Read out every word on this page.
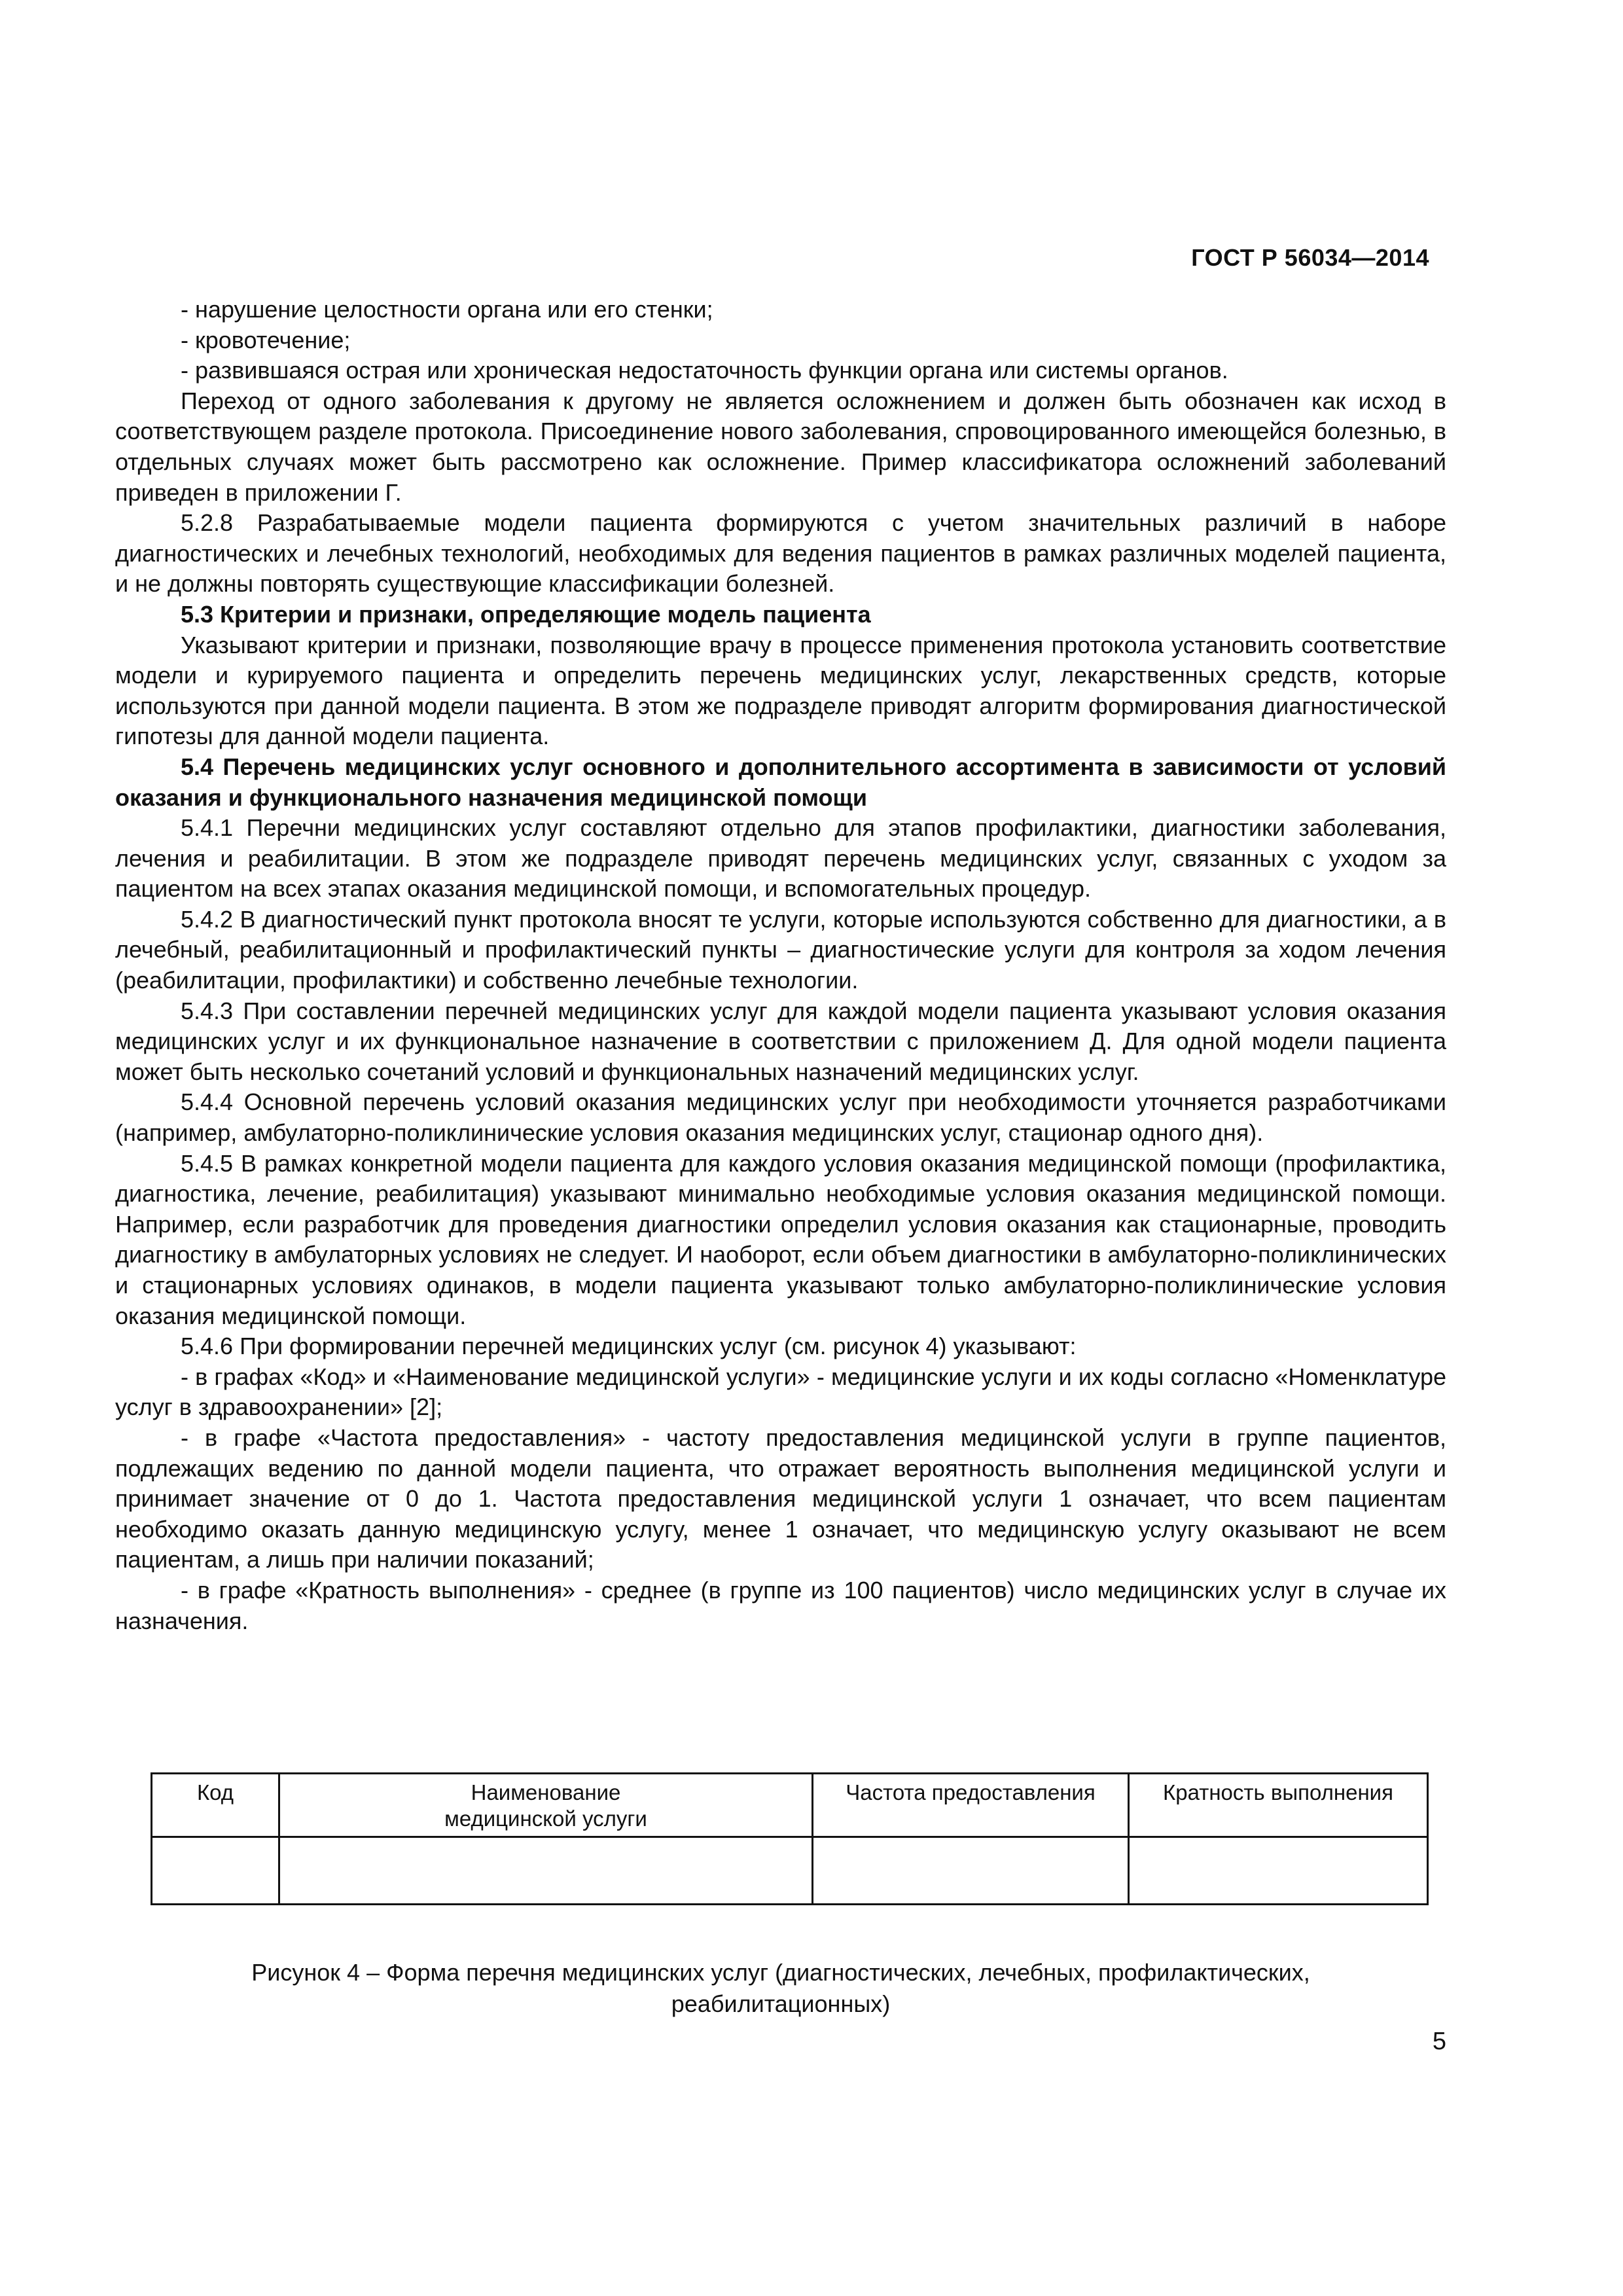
ГОСТ Р 56034—2014

- нарушение целостности органа или его стенки;

- кровотечение;

- развившаяся острая или хроническая недостаточность функции органа или системы органов.

Переход от одного заболевания к другому не является осложнением и должен быть обозначен как исход в соответствующем разделе протокола. Присоединение нового заболевания, спровоцированного имеющейся болезнью, в отдельных случаях может быть рассмотрено как осложнение. Пример классификатора осложнений заболеваний приведен в приложении Г.

5.2.8 Разрабатываемые модели пациента формируются с учетом значительных различий в наборе диагностических и лечебных технологий, необходимых для ведения пациентов в рамках различных моделей пациента, и не должны повторять существующие классификации болезней.

5.3 Критерии и признаки, определяющие модель пациента

Указывают критерии и признаки, позволяющие врачу в процессе применения протокола установить соответствие модели и курируемого пациента и определить перечень медицинских услуг, лекарственных средств, которые используются при данной модели пациента. В этом же подразделе приводят алгоритм формирования диагностической гипотезы для данной модели пациента.

5.4 Перечень медицинских услуг основного и дополнительного ассортимента в зависимости от условий оказания и функционального назначения медицинской помощи

5.4.1 Перечни медицинских услуг составляют отдельно для этапов профилактики, диагностики заболевания, лечения и реабилитации. В этом же подразделе приводят перечень медицинских услуг, связанных с уходом за пациентом на всех этапах оказания медицинской помощи, и вспомогательных процедур.

5.4.2 В диагностический пункт протокола вносят те услуги, которые используются собственно для диагностики, а в лечебный, реабилитационный и профилактический пункты – диагностические услуги для контроля за ходом лечения (реабилитации, профилактики) и собственно лечебные технологии.

5.4.3 При составлении перечней медицинских услуг для каждой модели пациента указывают условия оказания медицинских услуг и их функциональное назначение в соответствии с приложением Д. Для одной модели пациента может быть несколько сочетаний условий и функциональных назначений медицинских услуг.

5.4.4 Основной перечень условий оказания медицинских услуг при необходимости уточняется разработчиками (например, амбулаторно-поликлинические условия оказания медицинских услуг, стационар одного дня).

5.4.5 В рамках конкретной модели пациента для каждого условия оказания медицинской помощи (профилактика, диагностика, лечение, реабилитация) указывают минимально необходимые условия оказания медицинской помощи. Например, если разработчик для проведения диагностики определил условия оказания как стационарные, проводить диагностику в амбулаторных условиях не следует. И наоборот, если объем диагностики в амбулаторно-поликлинических и стационарных условиях одинаков, в модели пациента указывают только амбулаторно-поликлинические условия оказания медицинской помощи.

5.4.6 При формировании перечней медицинских услуг (см. рисунок 4) указывают:

- в графах «Код» и «Наименование медицинской услуги» - медицинские услуги и их коды согласно «Номенклатуре услуг в здравоохранении» [2];

- в графе «Частота предоставления» - частоту предоставления медицинской услуги в группе пациентов, подлежащих ведению по данной модели пациента, что отражает вероятность выполнения медицинской услуги и принимает значение от 0 до 1. Частота предоставления медицинской услуги 1 означает, что всем пациентам необходимо оказать данную медицинскую услугу, менее 1 означает, что медицинскую услугу оказывают не всем пациентам, а лишь при наличии показаний;

- в графе «Кратность выполнения» - среднее (в группе из 100 пациентов) число медицинских услуг в случае их назначения.

Код	Наименование медицинской услуги	Частота предоставления	Кратность выполнения

Рисунок 4 – Форма перечня медицинских услуг (диагностических, лечебных, профилактических, реабилитационных)
5
